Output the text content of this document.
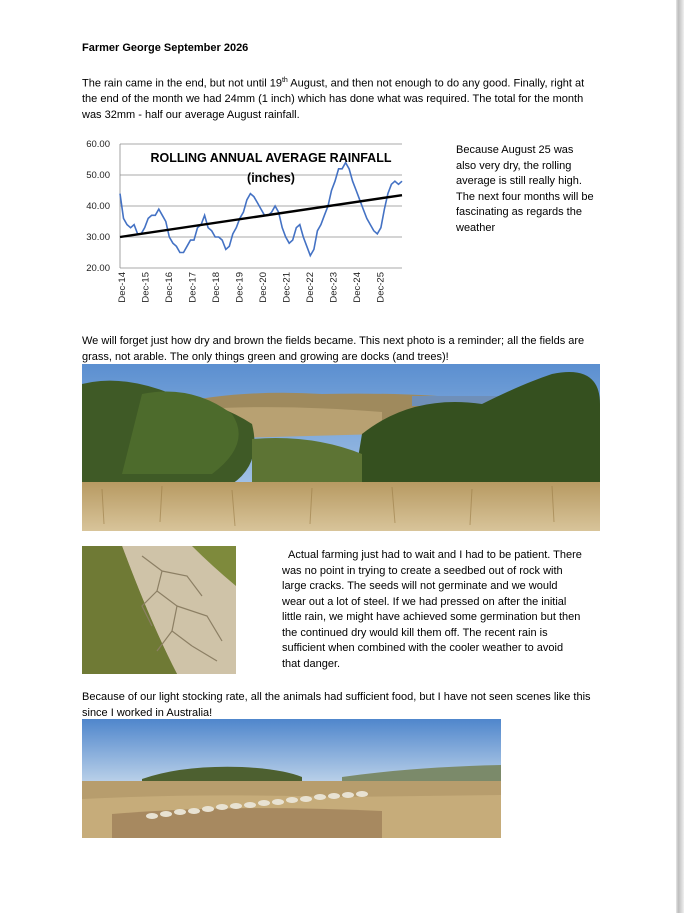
Farmer George September 2026
The rain came in the end, but not until 19th August, and then not enough to do any good. Finally, right at the end of the month we had 24mm (1 inch) which has done what was required. The total for the month was 32mm - half our average August rainfall.
20.00
30.00
40.00
50.00
60.00
Dec-14 Dec-15 Dec-16 Dec-17 Dec-18 Dec-19 Dec-20 Dec-21 Dec-22 Dec-23 Dec-24 Dec-25
ROLLING ANNUAL AVERAGE RAINFALL
(inches)
Because August 25 was also very dry, the rolling average is still really high. The next four months will be fascinating as regards the weather
We will forget just how dry and brown the fields became. This next photo is a reminder; all the fields are grass, not arable. The only things green and growing are docks (and trees)!
Actual farming just had to wait and I had to be patient. There was no point in trying to create a seedbed out of rock with large cracks. The seeds will not germinate and we would wear out a lot of steel. If we had pressed on after the initial little rain, we might have achieved some germination but then the continued dry would kill them off. The recent rain is sufficient when combined with the cooler weather to avoid that danger.
Because of our light stocking rate, all the animals had sufficient food, but I have not seen scenes like this since I worked in Australia!
